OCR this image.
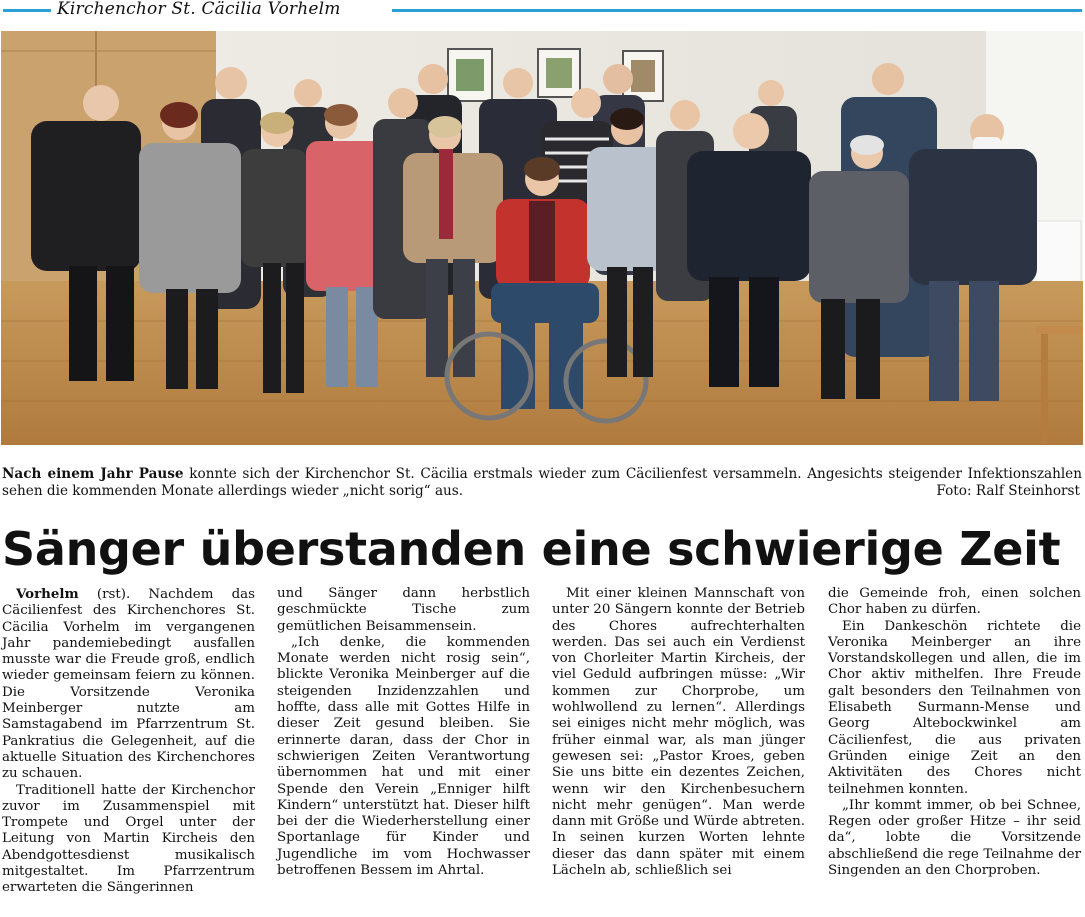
Kirchenchor St. Cäcilia Vorhelm
Nach einem Jahr Pause konnte sich der Kirchenchor St. Cäcilia erstmals wieder zum Cäcilienfest versammeln. Angesichts steigender Infektionszahlen sehen die kommenden Monate allerdings wieder „nicht sorig“ aus.	Foto: Ralf Steinhorst
Sänger überstanden eine schwierige Zeit

Vorhelm (rst). Nachdem das Cäcilienfest des Kirchenchores St. Cäcilia Vorhelm im vergangenen Jahr pandemiebedingt ausfallen musste war die Freude groß, endlich wieder gemeinsam feiern zu können. Die Vorsitzende Veronika Meinberger nutzte am Samstagabend im Pfarrzentrum St. Pankratius die Gelegenheit, auf die aktuelle Situation des Kirchenchores zu schauen.

Traditionell hatte der Kirchenchor zuvor im Zusammenspiel mit Trompete und Orgel unter der Leitung von Martin Kircheis den Abendgottesdienst musikalisch mitgestaltet. Im Pfarrzentrum erwarteten die Sängerinnen

und Sänger dann herbstlich geschmückte Tische zum gemütlichen Beisammensein.

„Ich denke, die kommenden Monate werden nicht rosig sein“, blickte Veronika Meinberger auf die steigenden Inzidenzzahlen und hoffte, dass alle mit Gottes Hilfe in dieser Zeit gesund bleiben. Sie erinnerte daran, dass der Chor in schwierigen Zeiten Verantwortung übernommen hat und mit einer Spende den Verein „Enniger hilft Kindern“ unterstützt hat. Dieser hilft bei der die Wiederherstellung einer Sportanlage für Kinder und Jugendliche im vom Hochwasser betroffenen Bessem im Ahrtal.

Mit einer kleinen Mannschaft von unter 20 Sängern konnte der Betrieb des Chores aufrechterhalten werden. Das sei auch ein Verdienst von Chorleiter Martin Kircheis, der viel Geduld aufbringen müsse: „Wir kommen zur Chorprobe, um wohlwollend zu lernen“. Allerdings sei einiges nicht mehr möglich, was früher einmal war, als man jünger gewesen sei: „Pastor Kroes, geben Sie uns bitte ein dezentes Zeichen, wenn wir den Kirchenbesuchern nicht mehr genügen“. Man werde dann mit Größe und Würde abtreten. In seinen kurzen Worten lehnte dieser das dann später mit einem Lächeln ab, schließlich sei

die Gemeinde froh, einen solchen Chor haben zu dürfen.

Ein Dankeschön richtete die Veronika Meinberger an ihre Vorstandskollegen und allen, die im Chor aktiv mithelfen. Ihre Freude galt besonders den Teilnahmen von Elisabeth Surmann-Mense und Georg Altebockwinkel am Cäcilienfest, die aus privaten Gründen einige Zeit an den Aktivitäten des Chores nicht teilnehmen konnten.

„Ihr kommt immer, ob bei Schnee, Regen oder großer Hitze – ihr seid da“, lobte die Vorsitzende abschließend die rege Teilnahme der Singenden an den Chorproben.
